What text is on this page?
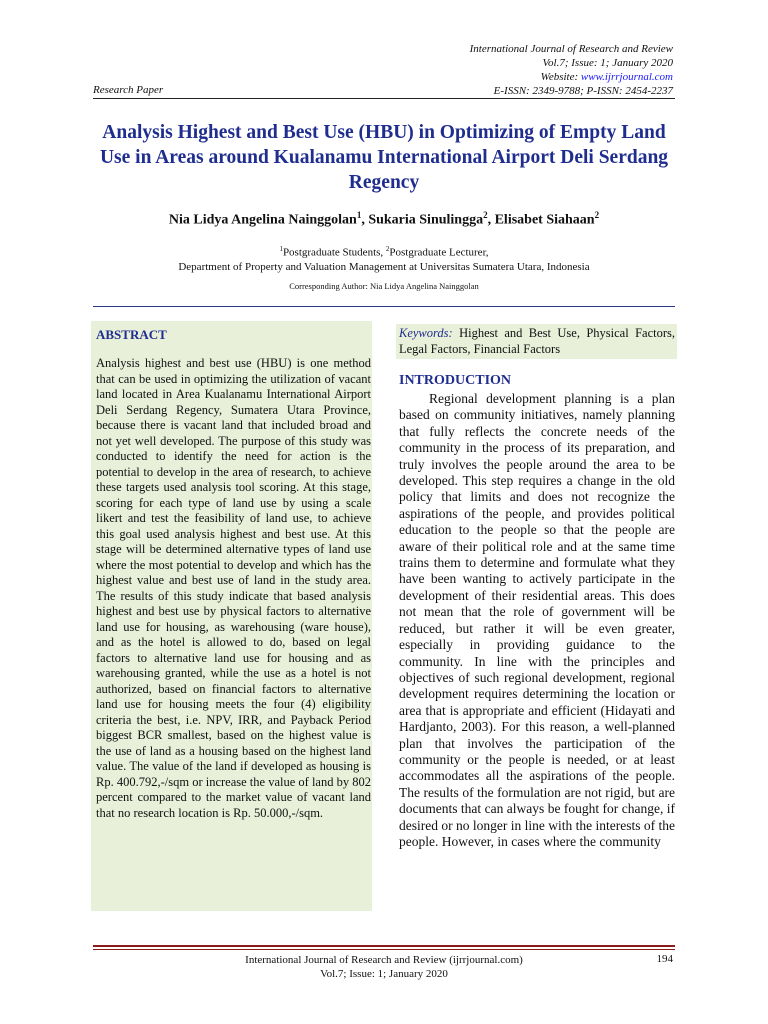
International Journal of Research and Review
Vol.7; Issue: 1; January 2020
Website: www.ijrrjournal.com
E-ISSN: 2349-9788; P-ISSN: 2454-2237
Research Paper
Analysis Highest and Best Use (HBU) in Optimizing of Empty Land Use in Areas around Kualanamu International Airport Deli Serdang Regency
Nia Lidya Angelina Nainggolan$^1$, Sukaria Sinulingga$^2$, Elisabet Siahaan$^2$
$^1$Postgraduate Students, $^2$Postgraduate Lecturer,
Department of Property and Valuation Management at Universitas Sumatera Utara, Indonesia
Corresponding Author: Nia Lidya Angelina Nainggolan
ABSTRACT
Analysis highest and best use (HBU) is one method that can be used in optimizing the utilization of vacant land located in Area Kualanamu International Airport Deli Serdang Regency, Sumatera Utara Province, because there is vacant land that included broad and not yet well developed. The purpose of this study was conducted to identify the need for action is the potential to develop in the area of research, to achieve these targets used analysis tool scoring. At this stage, scoring for each type of land use by using a scale likert and test the feasibility of land use, to achieve this goal used analysis highest and best use. At this stage will be determined alternative types of land use where the most potential to develop and which has the highest value and best use of land in the study area. The results of this study indicate that based analysis highest and best use by physical factors to alternative land use for housing, as warehousing (ware house), and as the hotel is allowed to do, based on legal factors to alternative land use for housing and as warehousing granted, while the use as a hotel is not authorized, based on financial factors to alternative land use for housing meets the four (4) eligibility criteria the best, i.e. NPV, IRR, and Payback Period biggest BCR smallest, based on the highest value is the use of land as a housing based on the highest land value. The value of the land if developed as housing is Rp. 400.792,-/sqm or increase the value of land by 802 percent compared to the market value of vacant land that no research location is Rp. 50.000,-/sqm.
Keywords: Highest and Best Use, Physical Factors, Legal Factors, Financial Factors
INTRODUCTION
Regional development planning is a plan based on community initiatives, namely planning that fully reflects the concrete needs of the community in the process of its preparation, and truly involves the people around the area to be developed. This step requires a change in the old policy that limits and does not recognize the aspirations of the people, and provides political education to the people so that the people are aware of their political role and at the same time trains them to determine and formulate what they have been wanting to actively participate in the development of their residential areas. This does not mean that the role of government will be reduced, but rather it will be even greater, especially in providing guidance to the community. In line with the principles and objectives of such regional development, regional development requires determining the location or area that is appropriate and efficient (Hidayati and Hardjanto, 2003). For this reason, a well-planned plan that involves the participation of the community or the people is needed, or at least accommodates all the aspirations of the people. The results of the formulation are not rigid, but are documents that can always be fought for change, if desired or no longer in line with the interests of the people. However, in cases where the community
International Journal of Research and Review (ijrrjournal.com)
Vol.7; Issue: 1; January 2020
194
